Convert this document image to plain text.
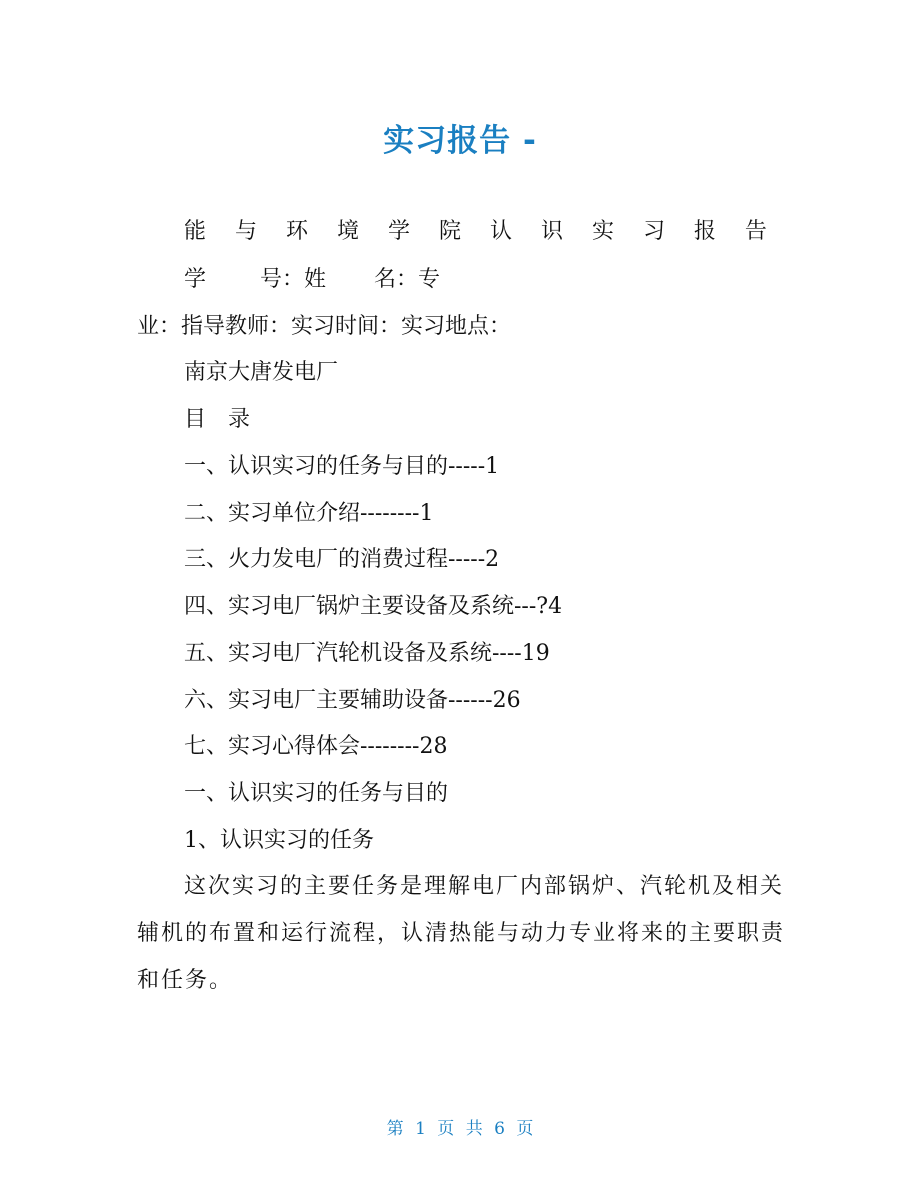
实习报告 -
能 与 环 境 学 院 认 识 实 习 报 告
学 号：姓 名：专
业：指导教师：实习时间：实习地点：
南京大唐发电厂
目　录
一、认识实习的任务与目的-----1
二、实习单位介绍--------1
三、火力发电厂的消费过程-----2
四、实习电厂锅炉主要设备及系统---?4
五、实习电厂汽轮机设备及系统----19
六、实习电厂主要辅助设备------26
七、实习心得体会--------28
一、认识实习的任务与目的
1、认识实习的任务
这次实习的主要任务是理解电厂内部锅炉、汽轮机及相关
辅机的布置和运行流程，认清热能与动力专业将来的主要职责
和任务。
第 1 页 共 6 页
